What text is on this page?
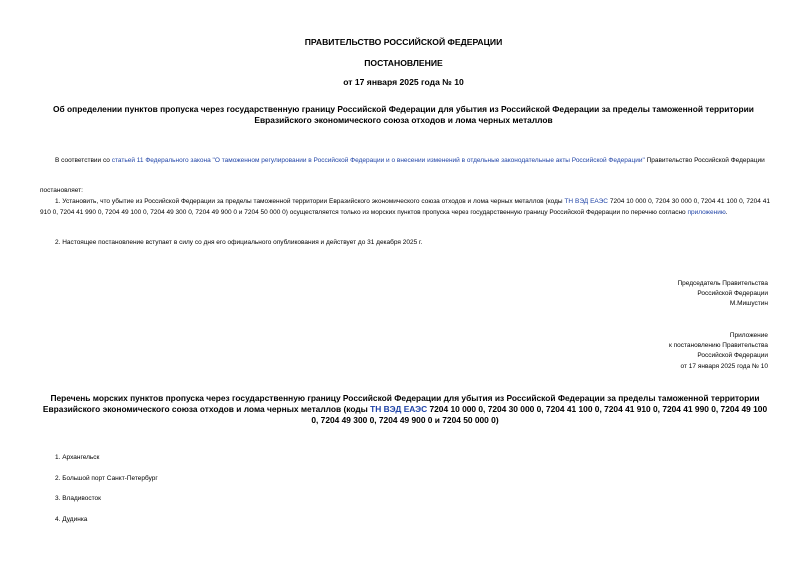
ПРАВИТЕЛЬСТВО РОССИЙСКОЙ ФЕДЕРАЦИИ
ПОСТАНОВЛЕНИЕ
от 17 января 2025 года № 10
Об определении пунктов пропуска через государственную границу Российской Федерации для убытия из Российской Федерации за пределы таможенной территории Евразийского экономического союза отходов и лома черных металлов
В соответствии со статьей 11 Федерального закона "О таможенном регулировании в Российской Федерации и о внесении изменений в отдельные законодательные акты Российской Федерации" Правительство Российской Федерации
постановляет:
1. Установить, что убытие из Российской Федерации за пределы таможенной территории Евразийского экономического союза отходов и лома черных металлов (коды ТН ВЭД ЕАЭС 7204 10 000 0, 7204 30 000 0, 7204 41 100 0, 7204 41 910 0, 7204 41 990 0, 7204 49 100 0, 7204 49 300 0, 7204 49 900 0 и 7204 50 000 0) осуществляется только из морских пунктов пропуска через государственную границу Российской Федерации по перечню согласно приложению.
2. Настоящее постановление вступает в силу со дня его официального опубликования и действует до 31 декабря 2025 г.
Председатель Правительства
Российской Федерации
М.Мишустин
Приложение
к постановлению Правительства
Российской Федерации
от 17 января 2025 года № 10
Перечень морских пунктов пропуска через государственную границу Российской Федерации для убытия из Российской Федерации за пределы таможенной территории Евразийского экономического союза отходов и лома черных металлов (коды ТН ВЭД ЕАЭС 7204 10 000 0, 7204 30 000 0, 7204 41 100 0, 7204 41 910 0, 7204 41 990 0, 7204 49 100 0, 7204 49 300 0, 7204 49 900 0 и 7204 50 000 0)
1. Архангельск
2. Большой порт Санкт-Петербург
3. Владивосток
4. Дудинка
